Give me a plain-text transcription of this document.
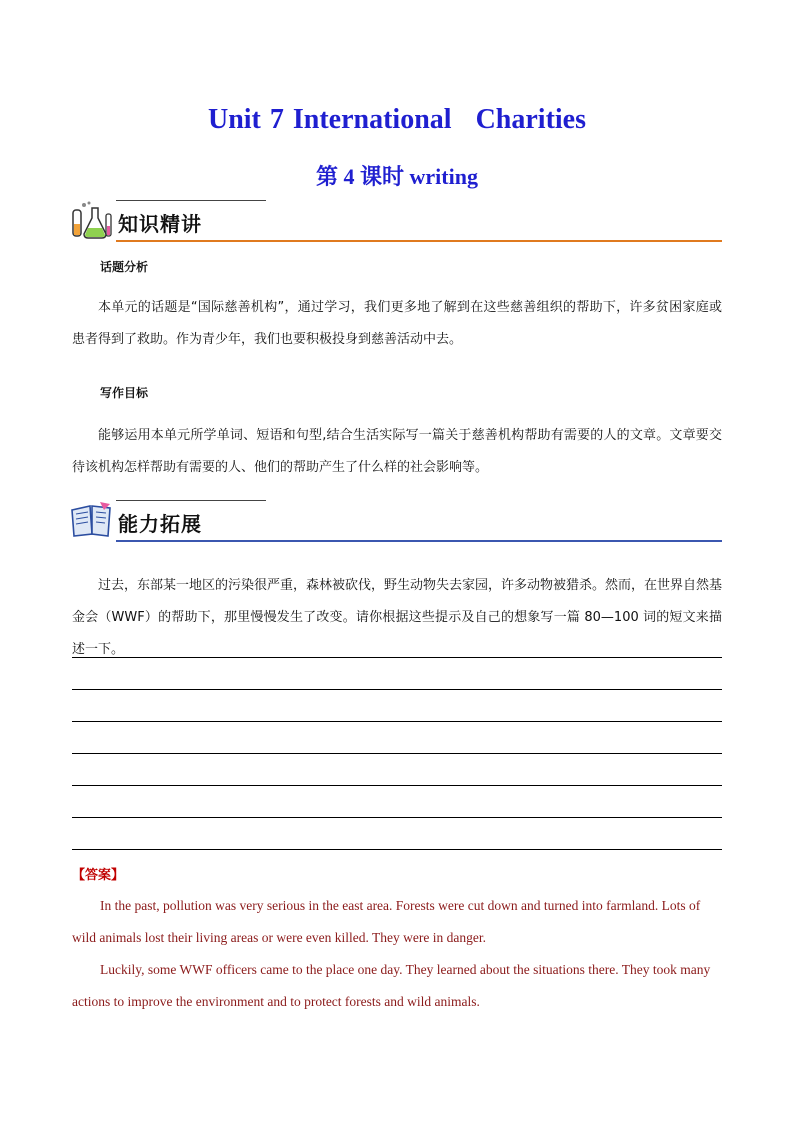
Unit 7 International Charities
第 4 课时 writing
知识精讲
话题分析
本单元的话题是“国际慈善机构”，通过学习，我们更多地了解到在这些慈善组织的帮助下，许多贫困家庭或患者得到了救助。作为青少年，我们也要积极投身到慈善活动中去。
写作目标
能够运用本单元所学单词、短语和句型,结合生活实际写一篇关于慈善机构帮助有需要的人的文章。文章要交待该机构怎样帮助有需要的人、他们的帮助产生了什么样的社会影响等。
能力拓展
过去，东部某一地区的污染很严重，森林被砍伐，野生动物失去家园，许多动物被猎杀。然而，在世界自然基金会（WWF）的帮助下，那里慢慢发生了改变。请你根据这些提示及自己的想象写一篇 80—100 词的短文来描述一下。
【答案】
In the past, pollution was very serious in the east area. Forests were cut down and turned into farmland. Lots of wild animals lost their living areas or were even killed. They were in danger.
Luckily, some WWF officers came to the place one day. They learned about the situations there. They took many actions to improve the environment and to protect forests and wild animals.
